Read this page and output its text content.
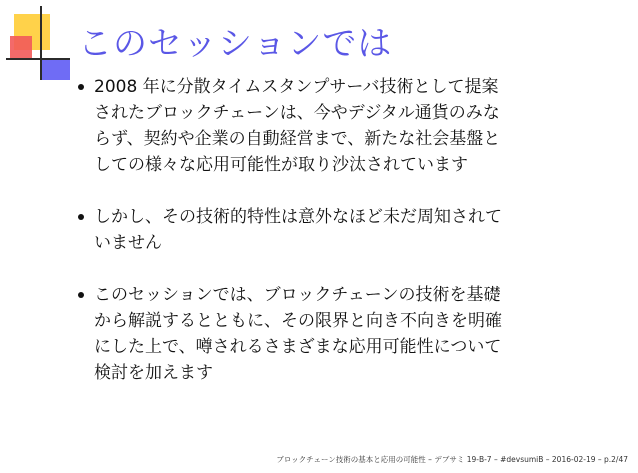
このセッションでは
2008 年に分散タイムスタンプサーバ技術として提案
されたブロックチェーンは、今やデジタル通貨のみな
らず、契約や企業の自動経営まで、新たな社会基盤と
しての様々な応用可能性が取り沙汰されています
しかし、その技術的特性は意外なほど未だ周知されて
いません
このセッションでは、ブロックチェーンの技術を基礎
から解説するとともに、その限界と向き不向きを明確
にした上で、噂されるさまざまな応用可能性について
検討を加えます
ブロックチェーン技術の基本と応用の可能性 – デブサミ 19-B-7 – #devsumiB – 2016-02-19 – p.2/47
